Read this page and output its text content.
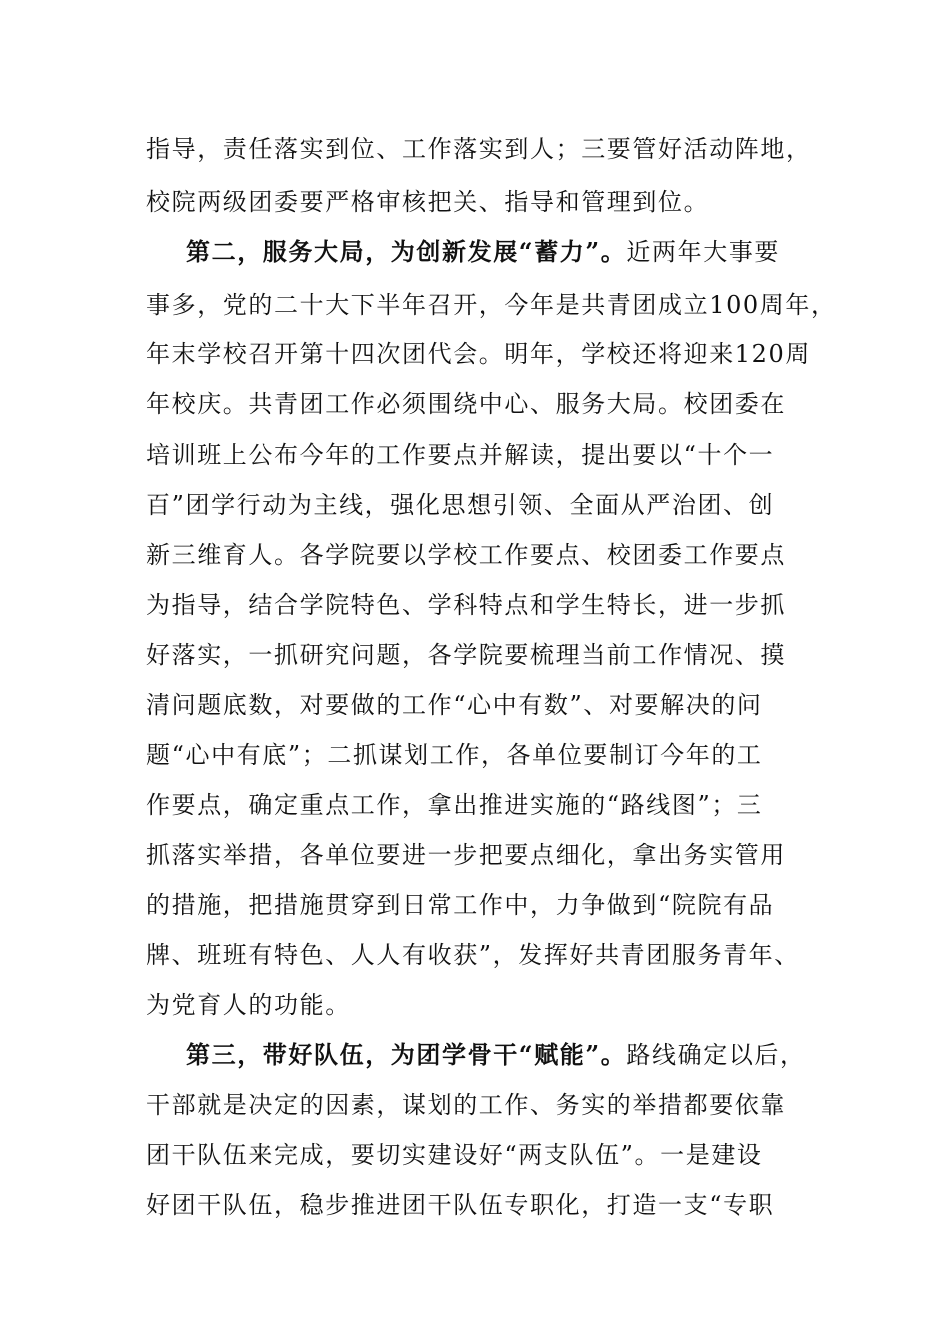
指导，责任落实到位、工作落实到人；三要管好活动阵地，
校院两级团委要严格审核把关、指导和管理到位。
第二，服务大局，为创新发展“蓄力”。近两年大事要
事多，党的二十大下半年召开，今年是共青团成立100周年，
年末学校召开第十四次团代会。明年，学校还将迎来120周
年校庆。共青团工作必须围绕中心、服务大局。校团委在
培训班上公布今年的工作要点并解读，提出要以“十个一
百”团学行动为主线，强化思想引领、全面从严治团、创
新三维育人。各学院要以学校工作要点、校团委工作要点
为指导，结合学院特色、学科特点和学生特长，进一步抓
好落实，一抓研究问题，各学院要梳理当前工作情况、摸
清问题底数，对要做的工作“心中有数”、对要解决的问
题“心中有底”；二抓谋划工作，各单位要制订今年的工
作要点，确定重点工作，拿出推进实施的“路线图”；三
抓落实举措，各单位要进一步把要点细化，拿出务实管用
的措施，把措施贯穿到日常工作中，力争做到“院院有品
牌、班班有特色、人人有收获”，发挥好共青团服务青年、
为党育人的功能。
第三，带好队伍，为团学骨干“赋能”。路线确定以后，
干部就是决定的因素，谋划的工作、务实的举措都要依靠
团干队伍来完成，要切实建设好“两支队伍”。一是建设
好团干队伍，稳步推进团干队伍专职化，打造一支“专职
